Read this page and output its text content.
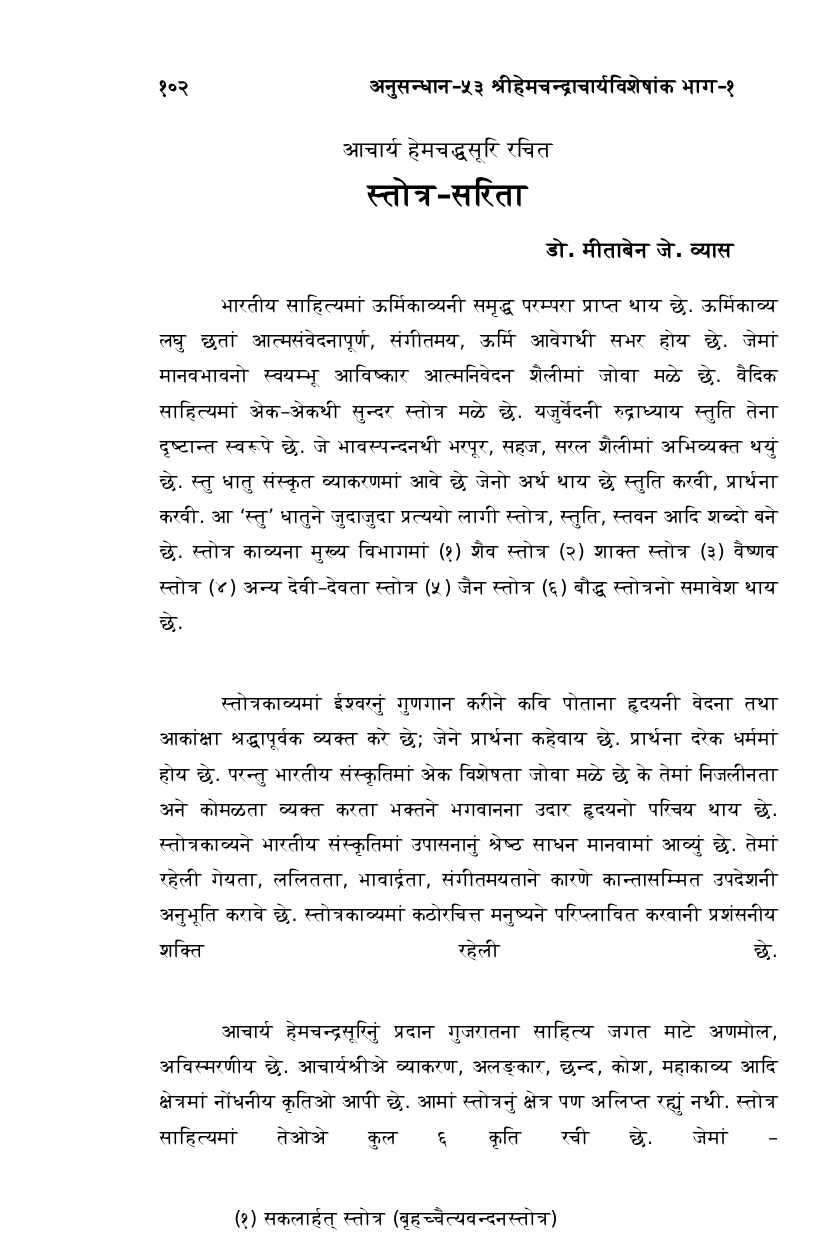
१०२	अनुसन्धान–५३ श्रीहेमचन्द्राचार्यविशेषांक भाग–१
आचार्य हेमचद्धसूरि रचित
स्तोत्र–सरिता
डो. मीताबेन जे. व्यास

भारतीय साहित्यमां ऊर्मिकाव्यनी समृद्ध परम्परा प्राप्त थाय छे. ऊर्मिकाव्य लघु छतां आत्मसंवेदनापूर्ण, संगीतमय, ऊर्मि आवेगथी सभर होय छे. जेमां मानवभावनो स्वयम्भू आविष्कार आत्मनिवेदन शैलीमां जोवा मळे छे. वैदिक साहित्यमां अेक–अेकथी सुन्दर स्तोत्र मळे छे. यजुर्वेदनी रुद्राध्याय स्तुति तेना दृष्टान्त स्वरूपे छे. जे भावस्पन्दनथी भरपूर, सहज, सरल शैलीमां अभिव्यक्त थयुं छे. स्तु धातु संस्कृत व्याकरणमां आवे छे जेनो अर्थ थाय छे स्तुति करवी, प्रार्थना करवी. आ ‘स्तु’ धातुने जुदाजुदा प्रत्ययो लागी स्तोत्र, स्तुति, स्तवन आदि शब्दो बने छे. स्तोत्र काव्यना मुख्य विभागमां (१) शैव स्तोत्र (२) शाक्त स्तोत्र (३) वैष्णव स्तोत्र (४) अन्य देवी–देवता स्तोत्र (५) जैन स्तोत्र (६) बौद्ध स्तोत्रनो समावेश थाय छे.

स्तोत्रकाव्यमां ईश्वरनुं गुणगान करीने कवि पोताना हृदयनी वेदना तथा आकांक्षा श्रद्धापूर्वक व्यक्त करे छे; जेने प्रार्थना कहेवाय छे. प्रार्थना दरेक धर्ममां होय छे. परन्तु भारतीय संस्कृतिमां अेक विशेषता जोवा मळे छे के तेमां निजलीनता अने कोमळता व्यक्त करता भक्तने भगवानना उदार हृदयनो परिचय थाय छे. स्तोत्रकाव्यने भारतीय संस्कृतिमां उपासनानुं श्रेष्ठ साधन मानवामां आव्युं छे. तेमां रहेली गेयता, ललितता, भावार्द्रता, संगीतमयताने कारणे कान्तासम्मित उपदेशनी अनुभूति करावे छे. स्तोत्रकाव्यमां कठोरचित्त मनुष्यने परिप्लावित करवानी प्रशंसनीय शक्ति रहेली छे.

आचार्य हेमचन्द्रसूरिनुं प्रदान गुजरातना साहित्य जगत माटे अणमोल, अविस्मरणीय छे. आचार्यश्रीअे व्याकरण, अलङ्कार, छन्द, कोश, महाकाव्य आदि क्षेत्रमां नोंधनीय कृतिओ आपी छे. आमां स्तोत्रनुं क्षेत्र पण अलिप्त रह्युं नथी. स्तोत्र साहित्यमां तेओअे कुल ६ कृति रची छे. जेमां –

(१) सकलार्हत् स्तोत्र (बृहच्चैत्यवन्दनस्तोत्र)
